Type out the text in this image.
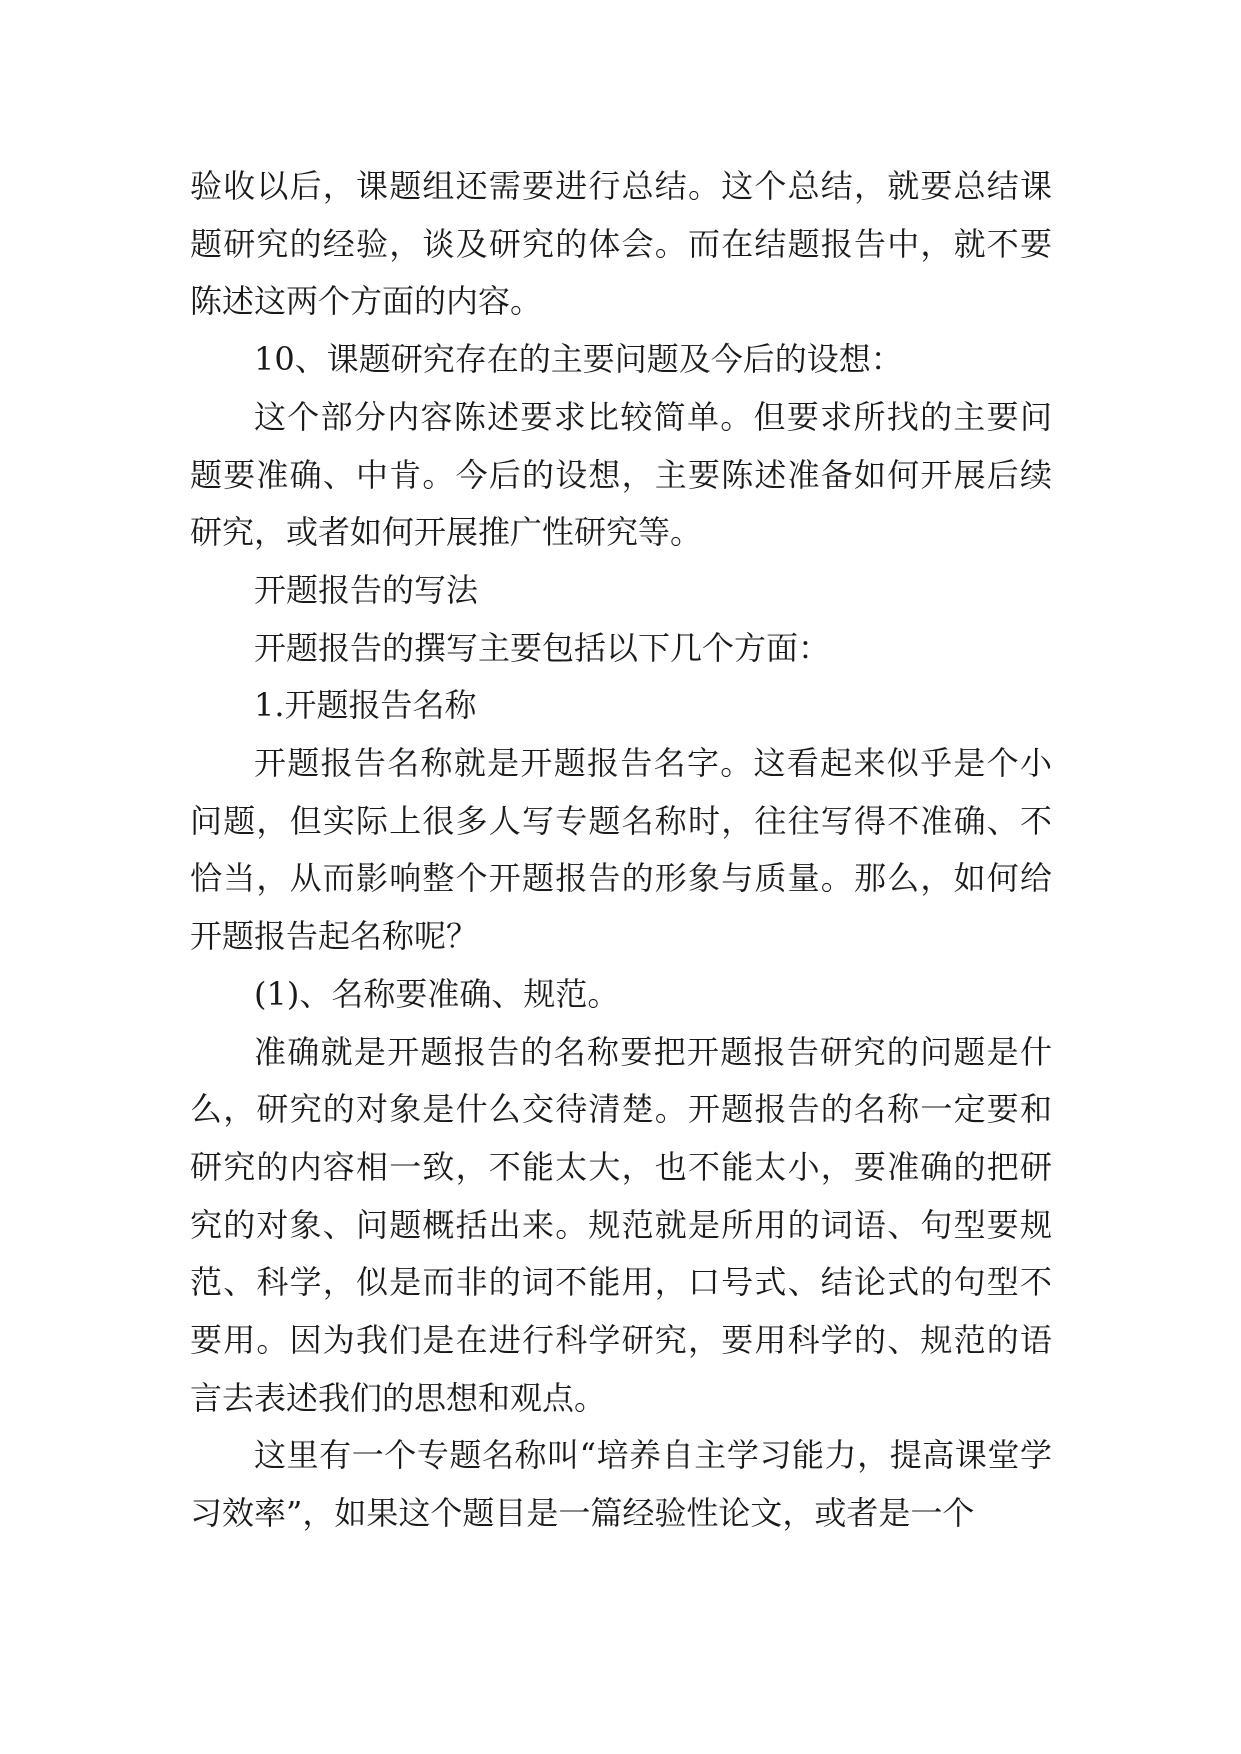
验收以后，课题组还需要进行总结。这个总结，就要总结课题研究的经验，谈及研究的体会。而在结题报告中，就不要陈述这两个方面的内容。

10、课题研究存在的主要问题及今后的设想：

这个部分内容陈述要求比较简单。但要求所找的主要问题要准确、中肯。今后的设想，主要陈述准备如何开展后续研究，或者如何开展推广性研究等。

开题报告的写法

开题报告的撰写主要包括以下几个方面：

1.开题报告名称

开题报告名称就是开题报告名字。这看起来似乎是个小问题，但实际上很多人写专题名称时，往往写得不准确、不恰当，从而影响整个开题报告的形象与质量。那么，如何给开题报告起名称呢？

(1)、名称要准确、规范。

准确就是开题报告的名称要把开题报告研究的问题是什么，研究的对象是什么交待清楚。开题报告的名称一定要和研究的内容相一致，不能太大，也不能太小，要准确的把研究的对象、问题概括出来。规范就是所用的词语、句型要规范、科学，似是而非的词不能用，口号式、结论式的句型不要用。因为我们是在进行科学研究，要用科学的、规范的语言去表述我们的思想和观点。

这里有一个专题名称叫“培养自主学习能力，提高课堂学习效率”，如果这个题目是一篇经验性论文，或者是一个
